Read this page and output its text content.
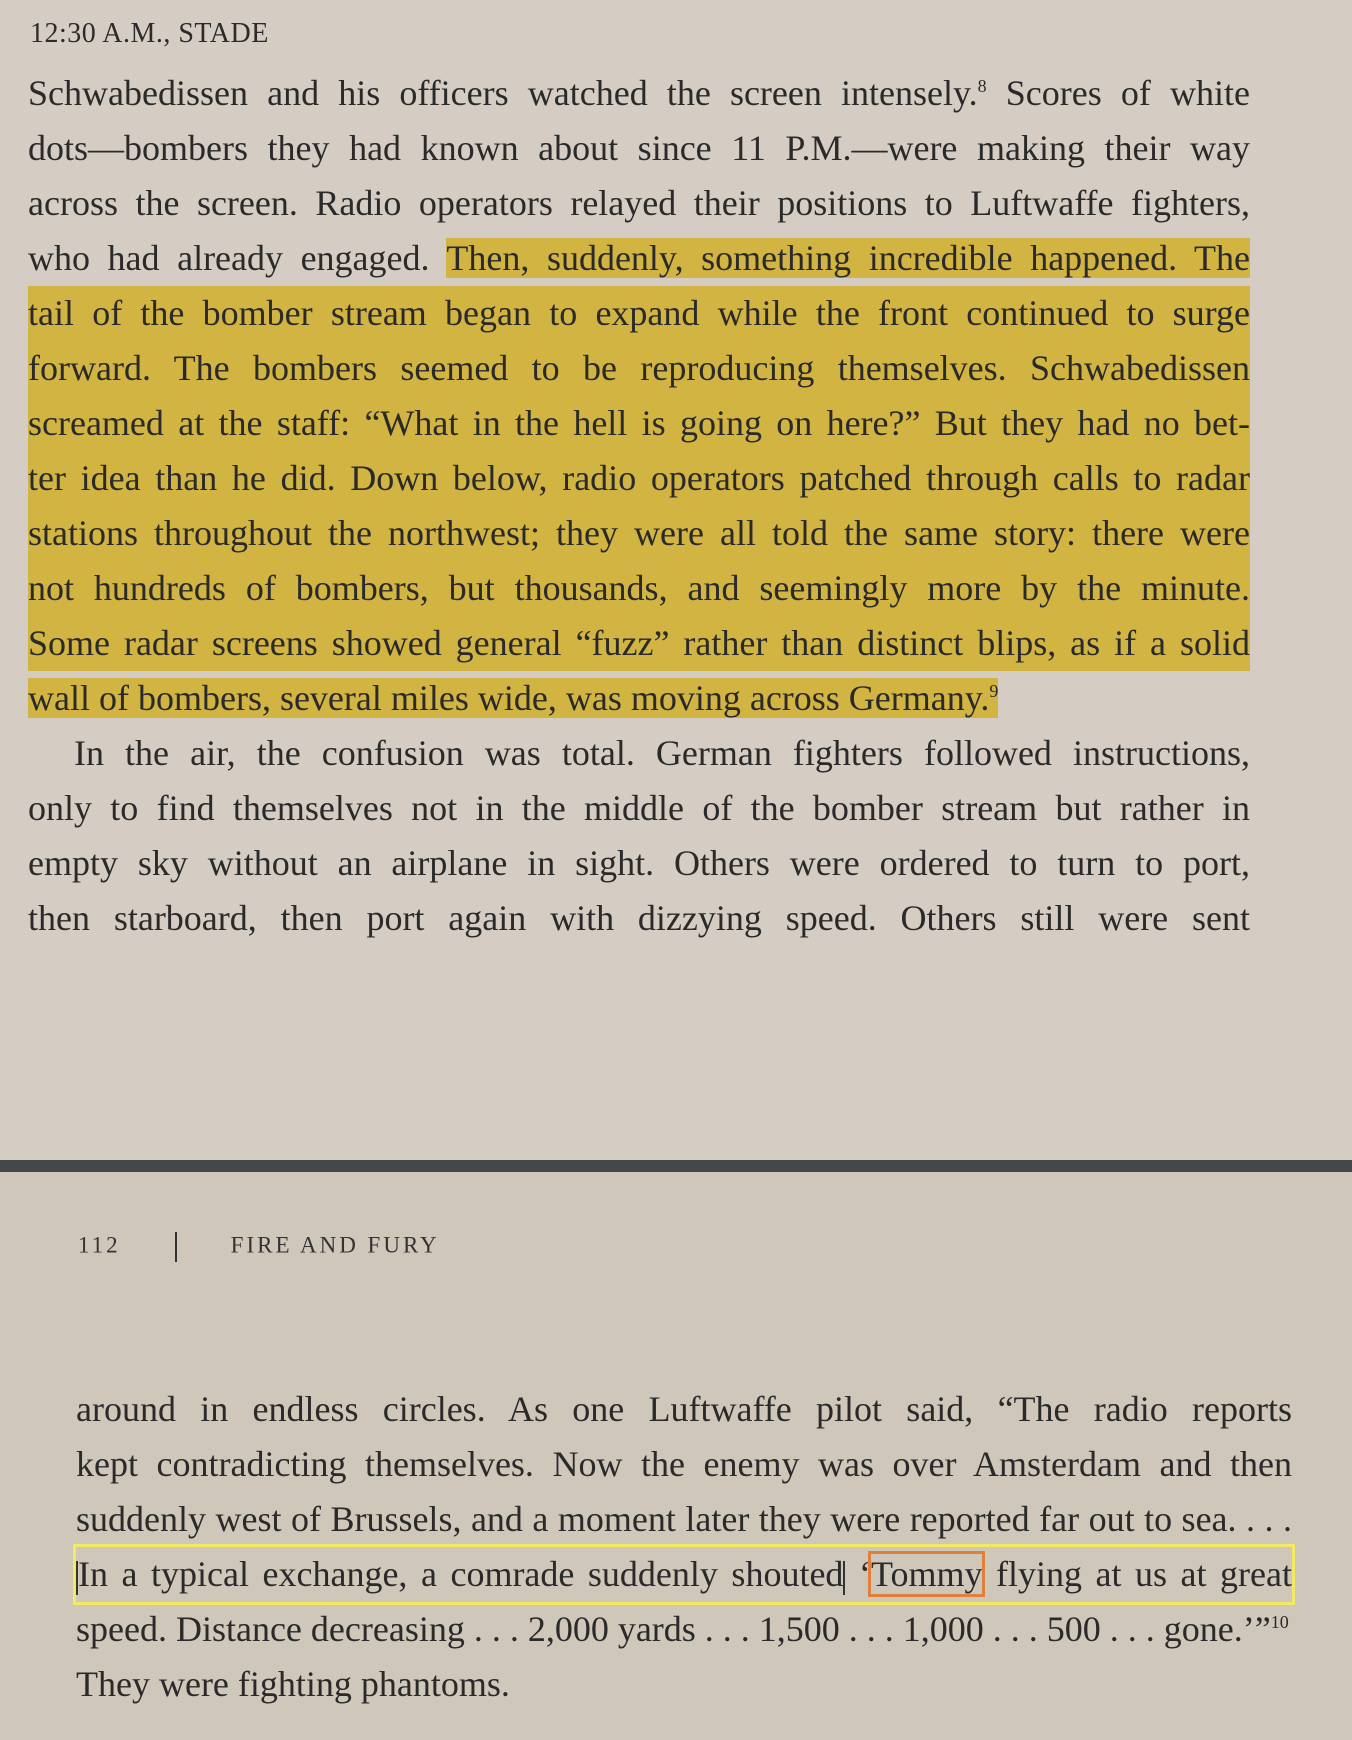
12:30 A.M., STADE
Schwabedissen and his officers watched the screen intensely.$^8$ Scores of white
dots—bombers they had known about since 11 P.M.—were making their way
across the screen. Radio operators relayed their positions to Luftwaffe fighters,
who had already engaged. Then, suddenly, something incredible happened. The
tail of the bomber stream began to expand while the front continued to surge
forward. The bombers seemed to be reproducing themselves. Schwabedissen
screamed at the staff: “What in the hell is going on here?” But they had no bet-
ter idea than he did. Down below, radio operators patched through calls to radar
stations throughout the northwest; they were all told the same story: there were
not hundreds of bombers, but thousands, and seemingly more by the minute.
Some radar screens showed general “fuzz” rather than distinct blips, as if a solid
wall of bombers, several miles wide, was moving across Germany.$^9$
In the air, the confusion was total. German fighters followed instructions,
only to find themselves not in the middle of the bomber stream but rather in
empty sky without an airplane in sight. Others were ordered to turn to port,
then starboard, then port again with dizzying speed. Others still were sent
112	FIRE AND FURY
around in endless circles. As one Luftwaffe pilot said, “The radio reports
kept contradicting themselves. Now the enemy was over Amsterdam and then
suddenly west of Brussels, and a moment later they were reported far out to sea. . . .
In a typical exchange, a comrade suddenly shouted ‘Tommy flying at us at great
speed. Distance decreasing . . . 2,000 yards . . . 1,500 . . . 1,000 . . . 500 . . . gone.’”$^{10}$
They were fighting phantoms.
